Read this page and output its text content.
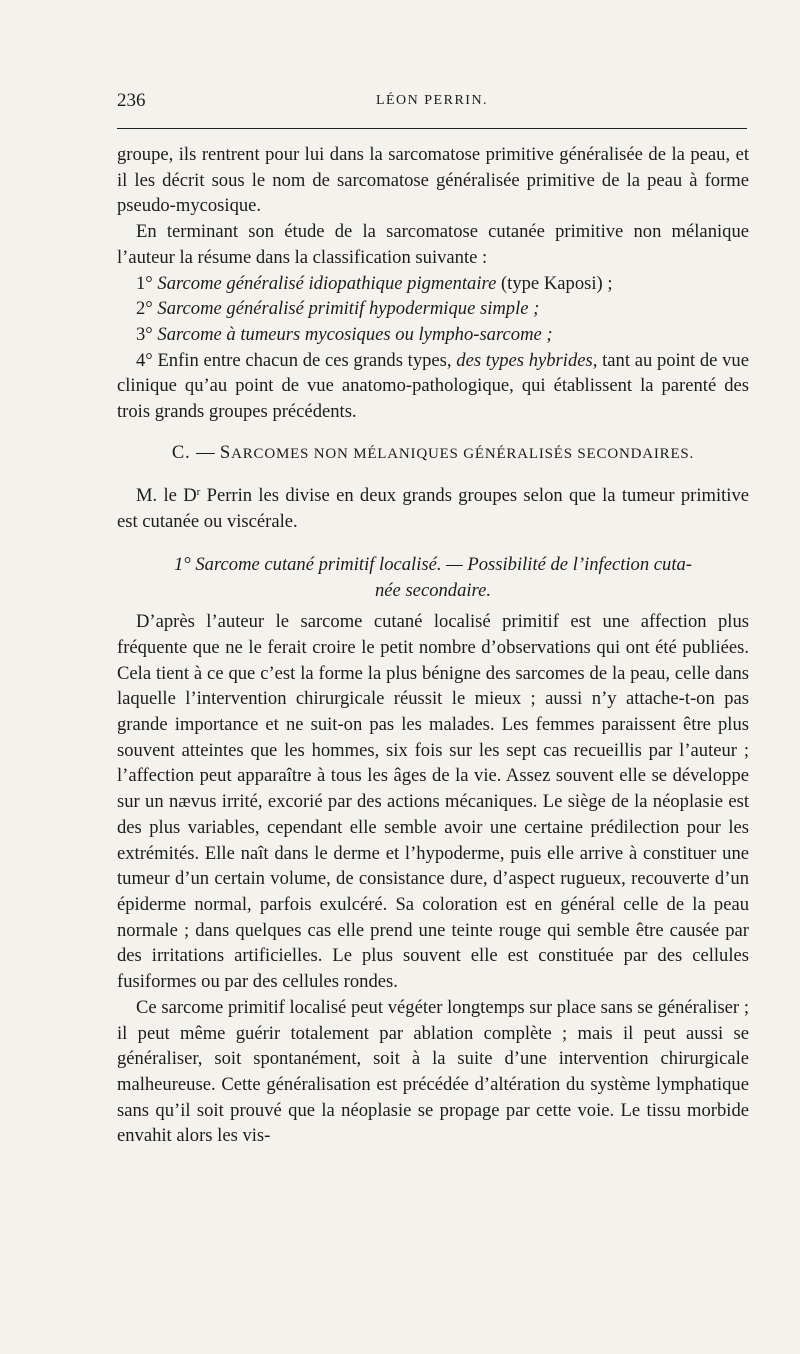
236	LÉON PERRIN.

groupe, ils rentrent pour lui dans la sarcomatose primitive généralisée de la peau, et il les décrit sous le nom de sarcomatose généralisée primitive de la peau à forme pseudo-mycosique.

En terminant son étude de la sarcomatose cutanée primitive non mélanique l’auteur la résume dans la classification suivante :

1° Sarcome généralisé idiopathique pigmentaire (type Kaposi) ;

2° Sarcome généralisé primitif hypodermique simple ;

3° Sarcome à tumeurs mycosiques ou lympho-sarcome ;

4° Enfin entre chacun de ces grands types, des types hybrides, tant au point de vue clinique qu’au point de vue anatomo-pathologique, qui établissent la parenté des trois grands groupes précédents.

C. — SARCOMES NON MÉLANIQUES GÉNÉRALISÉS SECONDAIRES.

M. le $D^r$ Perrin les divise en deux grands groupes selon que la tumeur primitive est cutanée ou viscérale.

1° Sarcome cutané primitif localisé. — Possibilité de l’infection cuta-
née secondaire.

D’après l’auteur le sarcome cutané localisé primitif est une affection plus fréquente que ne le ferait croire le petit nombre d’observations qui ont été publiées. Cela tient à ce que c’est la forme la plus bénigne des sarcomes de la peau, celle dans laquelle l’intervention chirurgicale réussit le mieux ; aussi n’y attache-t-on pas grande importance et ne suit-on pas les malades. Les femmes paraissent être plus souvent atteintes que les hommes, six fois sur les sept cas recueillis par l’auteur ; l’affection peut apparaître à tous les âges de la vie. Assez souvent elle se développe sur un nævus irrité, excorié par des actions mécaniques. Le siège de la néoplasie est des plus variables, cependant elle semble avoir une certaine prédilection pour les extrémités. Elle naît dans le derme et l’hypoderme, puis elle arrive à constituer une tumeur d’un certain volume, de consistance dure, d’aspect rugueux, recouverte d’un épiderme normal, parfois exulcéré. Sa coloration est en général celle de la peau normale ; dans quelques cas elle prend une teinte rouge qui semble être causée par des irritations artificielles. Le plus souvent elle est constituée par des cellules fusiformes ou par des cellules rondes.

Ce sarcome primitif localisé peut végéter longtemps sur place sans se généraliser ; il peut même guérir totalement par ablation complète ; mais il peut aussi se généraliser, soit spontanément, soit à la suite d’une intervention chirurgicale malheureuse. Cette généralisation est précédée d’altération du système lymphatique sans qu’il soit prouvé que la néoplasie se propage par cette voie. Le tissu morbide envahit alors les vis-
